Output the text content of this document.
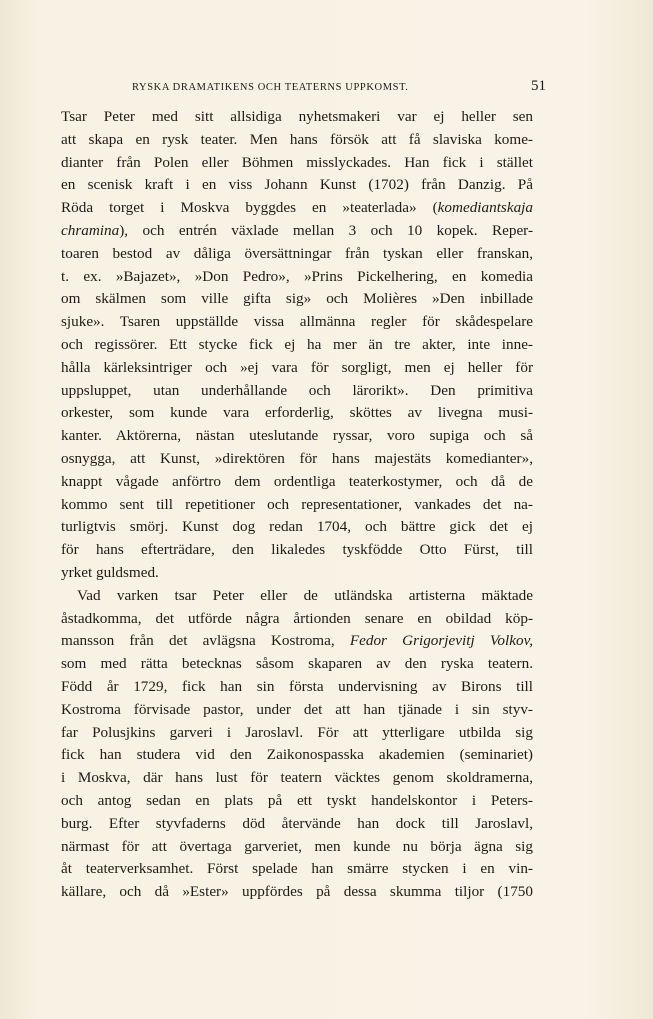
RYSKA DRAMATIKENS OCH TEATERNS UPPKOMST.	51
Tsar Peter med sitt allsidiga nyhetsmakeri var ej heller sen
att skapa en rysk teater. Men hans försök att få slaviska kome-
dianter från Polen eller Böhmen misslyckades. Han fick i stället
en scenisk kraft i en viss Johann Kunst (1702) från Danzig. På
Röda torget i Moskva byggdes en »teaterlada» (komediantskaja
chramina), och entrén växlade mellan 3 och 10 kopek. Reper-
toaren bestod av dåliga översättningar från tyskan eller franskan,
t. ex. »Bajazet», »Don Pedro», »Prins Pickelhering, en komedia
om skälmen som ville gifta sig» och Molières »Den inbillade
sjuke». Tsaren uppställde vissa allmänna regler för skådespelare
och regissörer. Ett stycke fick ej ha mer än tre akter, inte inne-
hålla kärleksintriger och »ej vara för sorgligt, men ej heller för
uppsluppet, utan underhållande och lärorikt». Den primitiva
orkester, som kunde vara erforderlig, sköttes av livegna musi-
kanter. Aktörerna, nästan uteslutande ryssar, voro supiga och så
osnygga, att Kunst, »direktören för hans majestäts komedianter»,
knappt vågade anförtro dem ordentliga teaterkostymer, och då de
kommo sent till repetitioner och representationer, vankades det na-
turligtvis smörj. Kunst dog redan 1704, och bättre gick det ej
för hans efterträdare, den likaledes tyskfödde Otto Fürst, till
yrket guldsmed.
Vad varken tsar Peter eller de utländska artisterna mäktade
åstadkomma, det utförde några årtionden senare en obildad köp-
mansson från det avlägsna Kostroma, Fedor Grigorjevitj Volkov,
som med rätta betecknas såsom skaparen av den ryska teatern.
Född år 1729, fick han sin första undervisning av Birons till
Kostroma förvisade pastor, under det att han tjänade i sin styv-
far Polusjkins garveri i Jaroslavl. För att ytterligare utbilda sig
fick han studera vid den Zaikonospasska akademien (seminariet)
i Moskva, där hans lust för teatern väcktes genom skoldramerna,
och antog sedan en plats på ett tyskt handelskontor i Peters-
burg. Efter styvfaderns död återvände han dock till Jaroslavl,
närmast för att övertaga garveriet, men kunde nu börja ägna sig
åt teaterverksamhet. Först spelade han smärre stycken i en vin-
källare, och då »Ester» uppfördes på dessa skumma tiljor (1750
